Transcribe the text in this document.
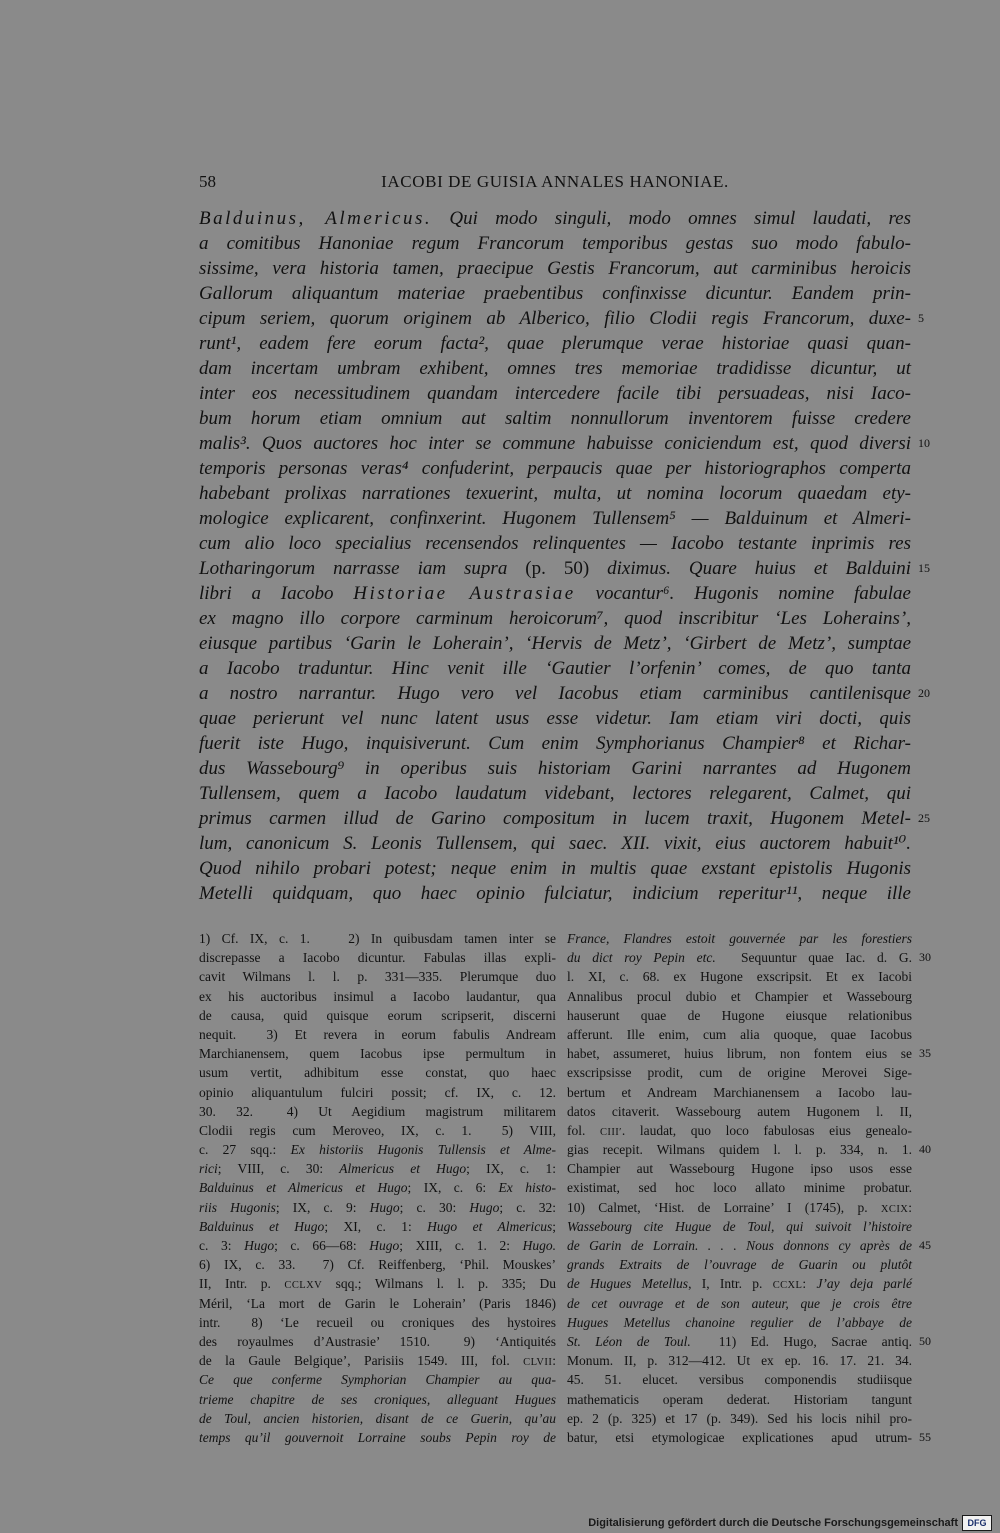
58	IACOBI DE GUISIA ANNALES HANONIAE.
Balduinus, Almericus. Qui modo singuli, modo omnes simul laudati, res
a comitibus Hanoniae regum Francorum temporibus gestas suo modo fabulo-
sissime, vera historia tamen, praecipue Gestis Francorum, aut carminibus heroicis
Gallorum aliquantum materiae praebentibus confinxisse dicuntur. Eandem prin-
cipum seriem, quorum originem ab Alberico, filio Clodii regis Francorum, duxe- 5
runt¹, eadem fere eorum facta², quae plerumque verae historiae quasi quan-
dam incertam umbram exhibent, omnes tres memoriae tradidisse dicuntur, ut
inter eos necessitudinem quandam intercedere facile tibi persuadeas, nisi Iaco-
bum horum etiam omnium aut saltim nonnullorum inventorem fuisse credere
malis³. Quos auctores hoc inter se commune habuisse coniciendum est, quod diversi 10
temporis personas veras⁴ confuderint, perpaucis quae per historiographos comperta
habebant prolixas narrationes texuerint, multa, ut nomina locorum quaedam ety-
mologice explicarent, confinxerint. Hugonem Tullensem⁵ — Balduinum et Almeri-
cum alio loco specialius recensendos relinquentes — Iacobo testante inprimis res
Lotharingorum narrasse iam supra (p. 50) diximus. Quare huius et Balduini 15
libri a Iacobo Historiae Austrasiae vocantur⁶. Hugonis nomine fabulae
ex magno illo corpore carminum heroicorum⁷, quod inscribitur ‘Les Loherains’,
eiusque partibus ‘Garin le Loherain’, ‘Hervis de Metz’, ‘Girbert de Metz’, sumptae
a Iacobo traduntur. Hinc venit ille ‘Gautier l’orfenin’ comes, de quo tanta
a nostro narrantur. Hugo vero vel Iacobus etiam carminibus cantilenisque 20
quae perierunt vel nunc latent usus esse videtur. Iam etiam viri docti, quis
fuerit iste Hugo, inquisiverunt. Cum enim Symphorianus Champier⁸ et Richar-
dus Wassebourg⁹ in operibus suis historiam Garini narrantes ad Hugonem
Tullensem, quem a Iacobo laudatum videbant, lectores relegarent, Calmet, qui
primus carmen illud de Garino compositum in lucem traxit, Hugonem Metel- 25
lum, canonicum S. Leonis Tullensem, qui saec. XII. vixit, eius auctorem habuit¹⁰.
Quod nihilo probari potest; neque enim in multis quae exstant epistolis Hugonis
Metelli quidquam, quo haec opinio fulciatur, indicium reperitur¹¹, neque ille
1) Cf. IX, c. 1.   2) In quibusdam tamen inter se
discrepasse a Iacobo dicuntur. Fabulas illas expli-
cavit Wilmans l. l. p. 331—335. Plerumque duo
ex his auctoribus insimul a Iacobo laudantur, qua
de causa, quid quisque eorum scripserit, discerni
nequit.  3) Et revera in eorum fabulis Andream
Marchianensem, quem Iacobus ipse permultum in
usum vertit, adhibitum esse constat, quo haec
opinio aliquantulum fulciri possit; cf. IX, c. 12.
30. 32.  4) Ut Aegidium magistrum militarem
Clodii regis cum Meroveo, IX, c. 1.  5) VIII,
c. 27 sqq.: Ex historiis Hugonis Tullensis et Alme-
rici; VIII, c. 30: Almericus et Hugo; IX, c. 1:
Balduinus et Almericus et Hugo; IX, c. 6: Ex histo-
riis Hugonis; IX, c. 9: Hugo; c. 30: Hugo; c. 32:
Balduinus et Hugo; XI, c. 1: Hugo et Almericus;
c. 3: Hugo; c. 66—68: Hugo; XIII, c. 1. 2: Hugo.
6) IX, c. 33.  7) Cf. Reiffenberg, ‘Phil. Mouskes’
II, Intr. p. CCLXV sqq.; Wilmans l. l. p. 335; Du
Méril, ‘La mort de Garin le Loherain’ (Paris 1846)
intr.  8) ‘Le recueil ou croniques des hystoires
des royaulmes d’Austrasie’ 1510.  9) ‘Antiquités
de la Gaule Belgique’, Parisiis 1549. III, fol. CLVII:
Ce que conferme Symphorian Champier au qua-
trieme chapitre de ses croniques, alleguant Hugues
de Toul, ancien historien, disant de ce Guerin, qu’au
temps qu’il gouvernoit Lorraine soubs Pepin roy de
France, Flandres estoit gouvernée par les forestiers
du dict roy Pepin etc.  Sequuntur quae Iac. d. G. 30
l. XI, c. 68. ex Hugone exscripsit. Et ex Iacobi
Annalibus procul dubio et Champier et Wassebourg
hauserunt quae de Hugone eiusque relationibus
afferunt. Ille enim, cum alia quoque, quae Iacobus
habet, assumeret, huius librum, non fontem eius se 35
exscripsisse prodit, cum de origine Merovei Sige-
bertum et Andream Marchianensem a Iacobo lau-
datos citaverit. Wassebourg autem Hugonem l. II,
fol. CIII′. laudat, quo loco fabulosas eius genealo-
gias recepit. Wilmans quidem l. l. p. 334, n. 1. 40
Champier aut Wassebourg Hugone ipso usos esse
existimat, sed hoc loco allato minime probatur.
10) Calmet, ‘Hist. de Lorraine’ I (1745), p. XCIX:
Wassebourg cite Hugue de Toul, qui suivoit l’histoire
de Garin de Lorrain. . . . Nous donnons cy après de 45
grands Extraits de l’ouvrage de Guarin ou plutôt
de Hugues Metellus, I, Intr. p. CCXL: J’ay deja parlé
de cet ouvrage et de son auteur, que je crois être
Hugues Metellus chanoine regulier de l’abbaye de
St. Léon de Toul.  11) Ed. Hugo, Sacrae antiq. 50
Monum. II, p. 312—412. Ut ex ep. 16. 17. 21. 34.
45. 51. elucet. versibus componendis studiisque
mathematicis operam dederat. Historiam tangunt
ep. 2 (p. 325) et 17 (p. 349). Sed his locis nihil pro-
batur, etsi etymologicae explicationes apud utrum- 55
Digitalisierung gefördert durch die Deutsche Forschungsgemeinschaft	DFG
